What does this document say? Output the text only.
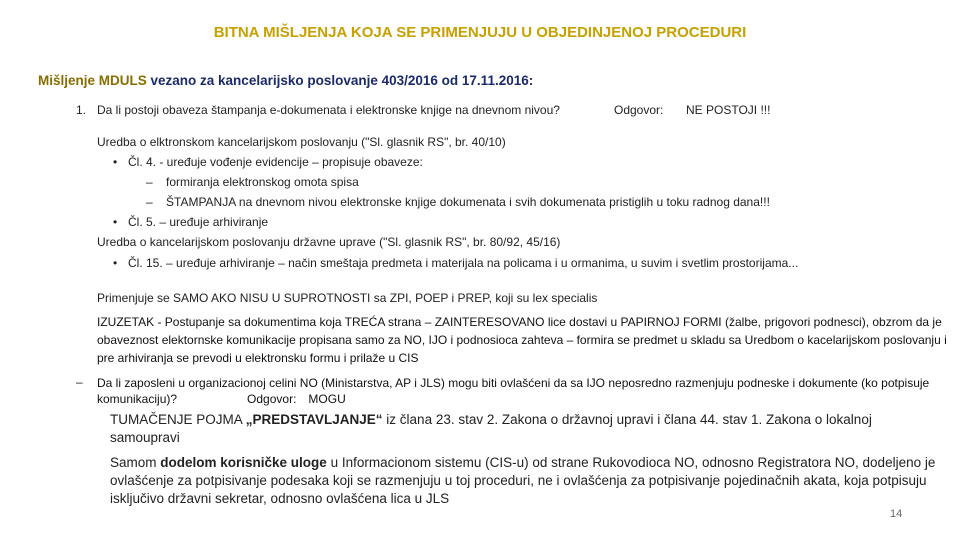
BITNA MIŠLJENJA KOJA SE PRIMENJUJU U OBJEDINJENOJ PROCEDURI
Mišljenje MDULS vezano za kancelarijsko poslovanje 403/2016 od 17.11.2016:
1. Da li postoji obaveza štampanja e-dokumenata i elektronske knjige na dnevnom nivou?	Odgovor: NE POSTOJI !!!
Uredba o elktronskom kancelarijskom poslovanju ("Sl. glasnik RS", br. 40/10)
• Čl. 4. - uređuje vođenje evidencije – propisuje obaveze:
– formiranja elektronskog omota spisa
– ŠTAMPANJA na dnevnom nivou elektronske knjige dokumenata i svih dokumenata pristiglih u toku radnog dana!!!
• Čl. 5. – uređuje arhiviranje
Uredba o kancelarijskom poslovanju državne uprave ("Sl. glasnik RS", br. 80/92, 45/16)
• Čl. 15. – uređuje arhiviranje – način smeštaja predmeta i materijala na policama i u ormanima, u suvim i svetlim prostorijama...
Primenjuje se SAMO AKO NISU U SUPROTNOSTI sa ZPI, POEP i PREP, koji su lex specialis
IZUZETAK - Postupanje sa dokumentima koja TREĆA strana – ZAINTERESOVANO lice dostavi u PAPIRNOJ FORMI (žalbe, prigovori podnesci), obzrom da je obaveznost elektornske komunikacije propisana samo za NO, IJO i podnosioca zahteva – formira se predmet u skladu sa Uredbom o kacelarijskom poslovanju i pre arhiviranja se prevodi u elektronsku formu i prilaže u CIS
– Da li zaposleni u organizacionoj celini NO (Ministarstva, AP i JLS) mogu biti ovlašćeni da sa IJO neposredno razmenjuju podneske i dokumente (ko potpisuje komunikaciju)?	Odgovor: MOGU
TUMAČENJE POJMA „PREDSTAVLJANJE“ iz člana 23. stav 2. Zakona o državnoj upravi i člana 44. stav 1. Zakona o lokalnoj samoupravi
Samom dodelom korisničke uloge u Informacionom sistemu (CIS-u) od strane Rukovodioca NO, odnosno Registratora NO, dodeljeno je ovlašćenje za potpisivanje podesaka koji se razmenjuju u toj proceduri, ne i ovlašćenja za potpisivanje pojedinačnih akata, koja potpisuju isključivo državni sekretar, odnosno ovlašćena lica u JLS
14
